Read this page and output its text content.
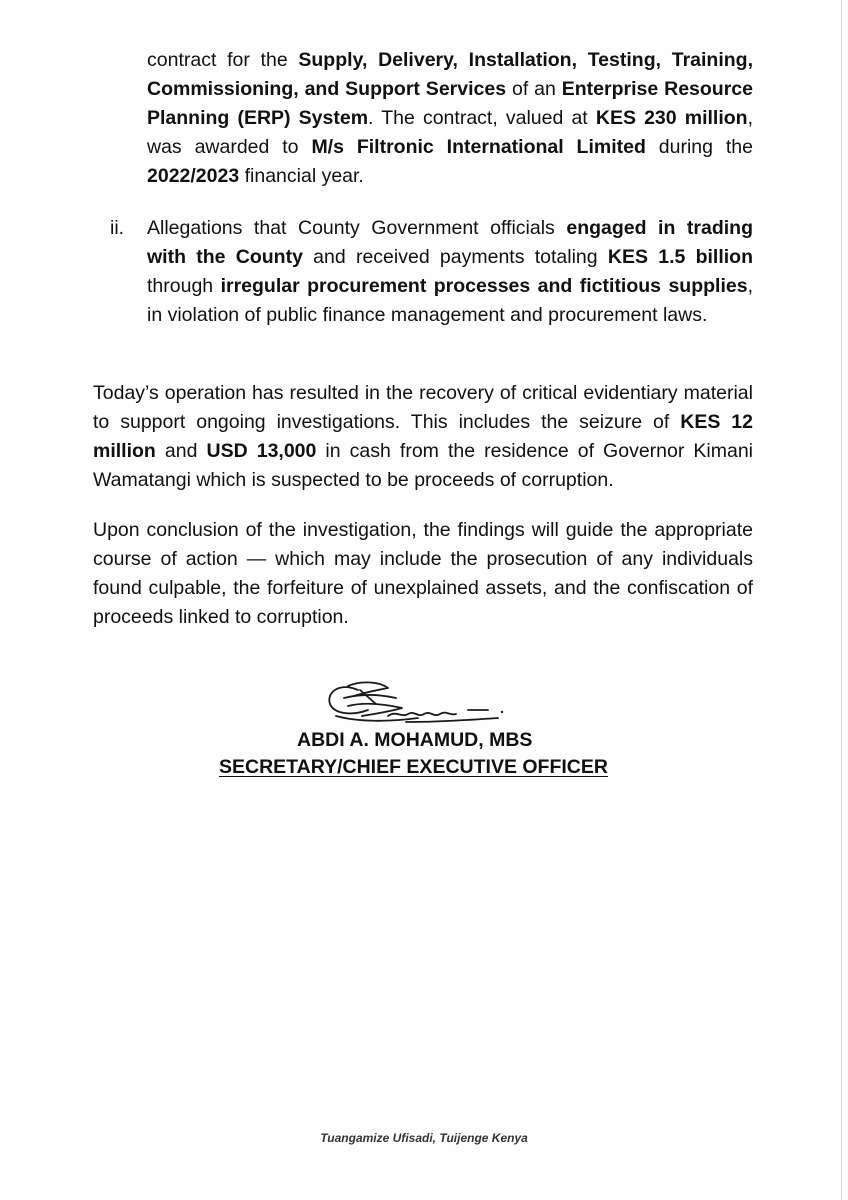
contract for the Supply, Delivery, Installation, Testing, Training, Commissioning, and Support Services of an Enterprise Resource Planning (ERP) System. The contract, valued at KES 230 million, was awarded to M/s Filtronic International Limited during the 2022/2023 financial year.

ii. Allegations that County Government officials engaged in trading with the County and received payments totaling KES 1.5 billion through irregular procurement processes and fictitious supplies, in violation of public finance management and procurement laws.

Today’s operation has resulted in the recovery of critical evidentiary material to support ongoing investigations. This includes the seizure of KES 12 million and USD 13,000 in cash from the residence of Governor Kimani Wamatangi which is suspected to be proceeds of corruption.

Upon conclusion of the investigation, the findings will guide the appropriate course of action — which may include the prosecution of any individuals found culpable, the forfeiture of unexplained assets, and the confiscation of proceeds linked to corruption.

ABDI A. MOHAMUD, MBS
SECRETARY/CHIEF EXECUTIVE OFFICER
Tuangamize Ufisadi, Tuijenge Kenya
